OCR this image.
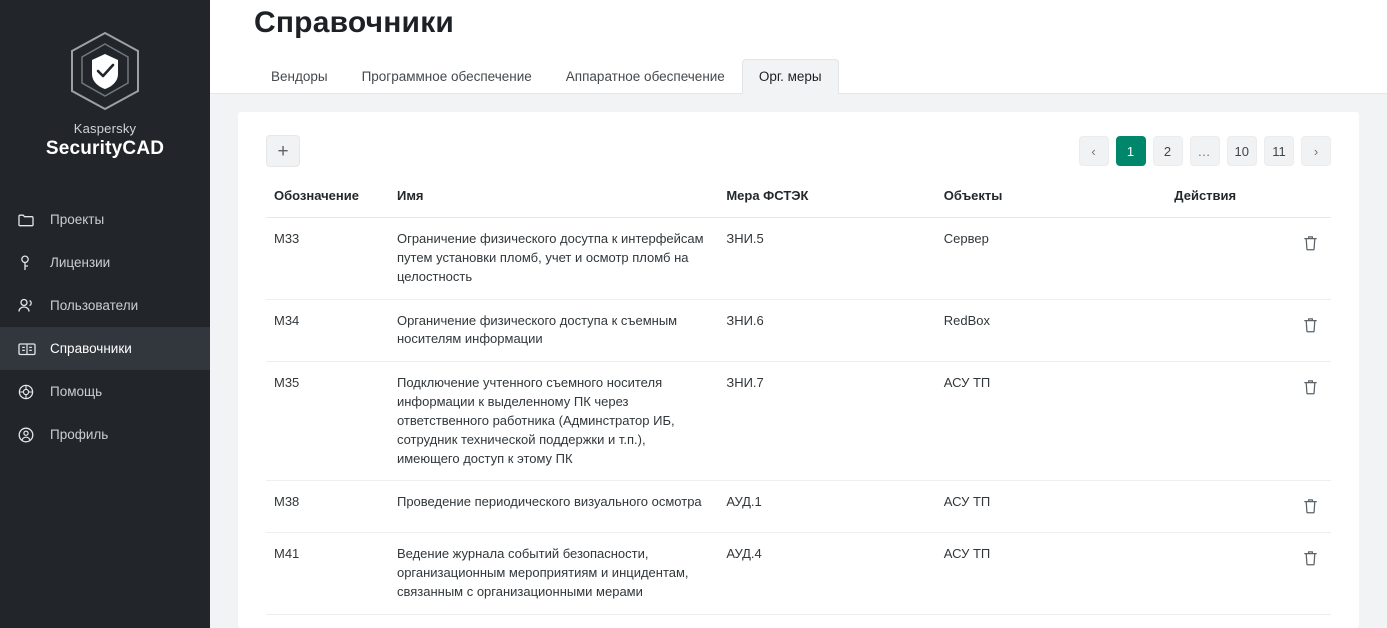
Kaspersky
SecurityCAD
Проекты
Лицензии
Пользователи
Справочники
Помощь
Профиль
Справочники
Вендоры	Программное обеспечение	Аппаратное обеспечение	Орг. меры
+	‹	1	2	…	10	11	›
Обозначение	Имя	Мера ФСТЭК	Объекты	Действия
М33	Ограничение физического досутпа к интерфейсам путем установки пломб, учет и осмотр пломб на целостность	ЗНИ.5	Сервер	

М34	Органичение физического доступа к съемным носителям информации	ЗНИ.6	RedBox	

М35	Подключение учтенного съемного носителя информации к выделенному ПК через ответственного работника (Админстратор ИБ, сотрудник технической поддержки и т.п.), имеющего доступ к этому ПК	ЗНИ.7	АСУ ТП	

М38	Проведение периодического визуального осмотра	АУД.1	АСУ ТП	

М41	Ведение журнала событий безопасности, организационным мероприятиям и инцидентам, связанным с организационными мерами	АУД.4	АСУ ТП	
